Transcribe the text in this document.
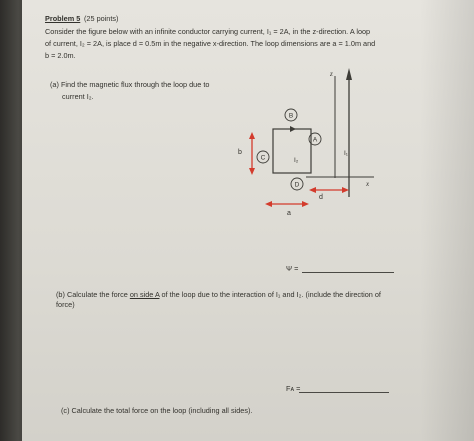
Problem 5 (25 points)
Consider the figure below with an infinite conductor carrying current, I₁ = 2A, in the z-direction. A loop
of current, I₂ = 2A, is place d = 0.5m in the negative x-direction. The loop dimensions are a = 1.0m and
b = 2.0m.
(a) Find the magnetic flux through the loop due to
current I₂.
B
A
C
D
z
x
b
a
d
I₂
I₁
Ψ =
(b) Calculate the force on side A of the loop due to the interaction of I₁ and I₂. (include the direction of
force)
Fᴀ =
(c) Calculate the total force on the loop (including all sides).
